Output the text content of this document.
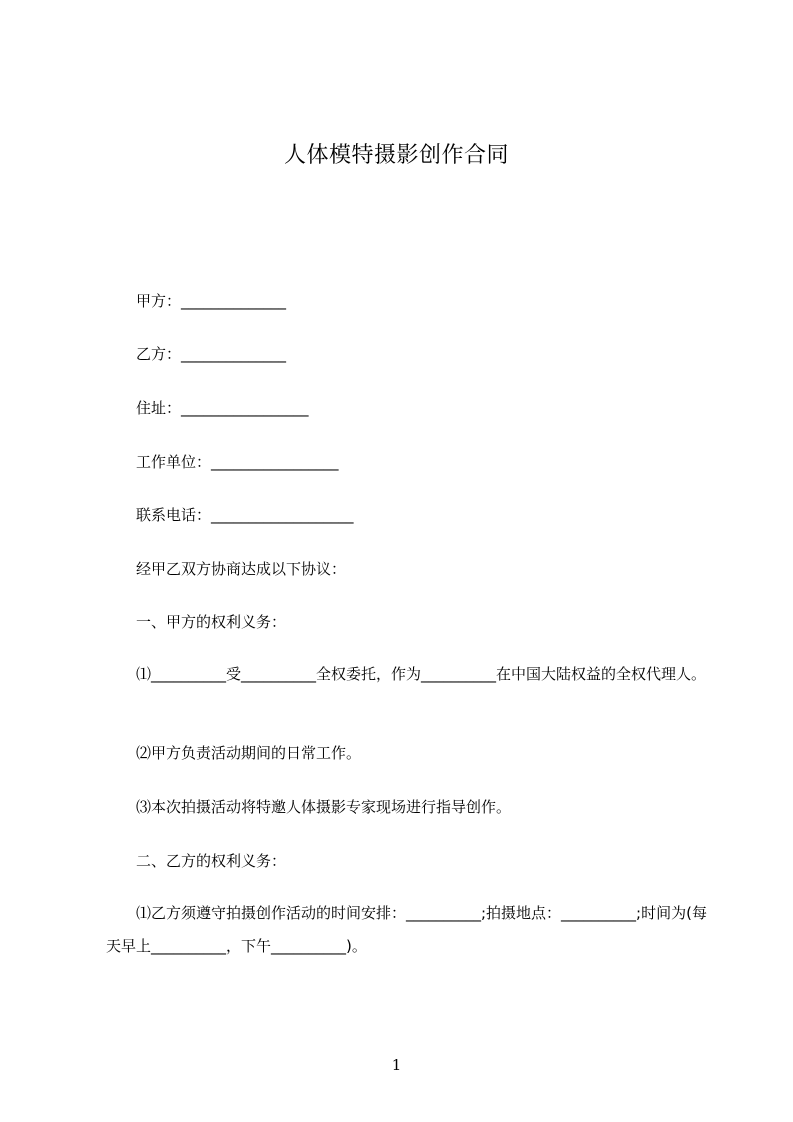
人体模特摄影创作合同
甲方：______________
乙方：______________
住址：_________________
工作单位：_________________
联系电话：___________________
经甲乙双方协商达成以下协议：
一、甲方的权利义务：
⑴__________受__________全权委托，作为__________在中国大陆权益的全权代理人。
⑵甲方负责活动期间的日常工作。
⑶本次拍摄活动将特邀人体摄影专家现场进行指导创作。
二、乙方的权利义务：
⑴乙方须遵守拍摄创作活动的时间安排：__________;拍摄地点：__________;时间为(每天早上__________，下午__________)。
1
